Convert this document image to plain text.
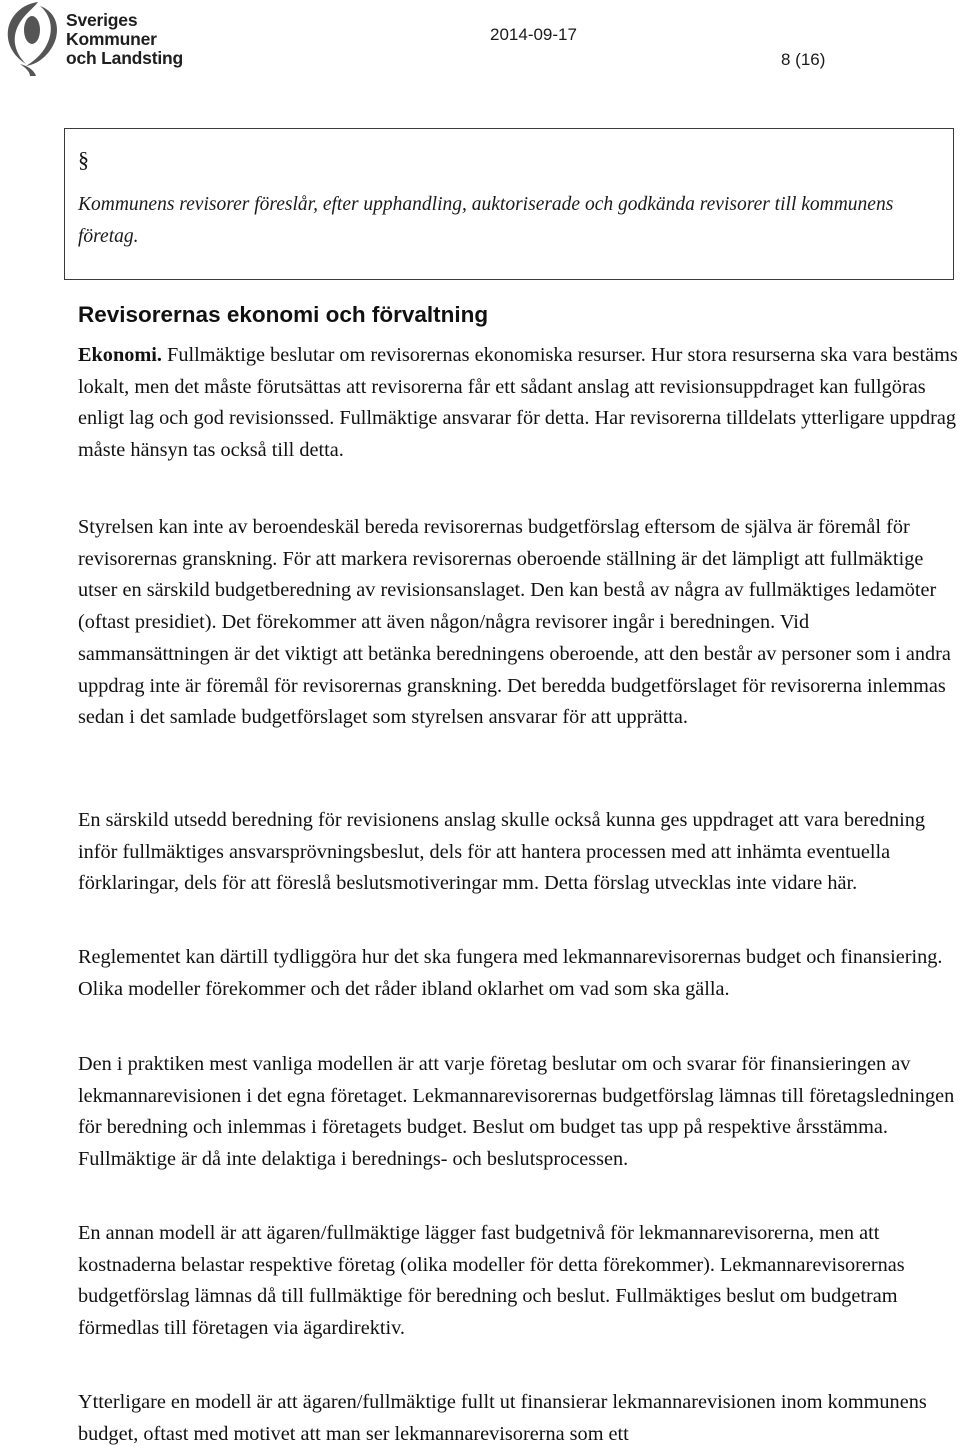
Sveriges
Kommuner
och Landsting
2014-09-17
8 (16)
§
Kommunens revisorer föreslår, efter upphandling, auktoriserade och godkända revisorer till kommunens företag.
Revisorernas ekonomi och förvaltning

Ekonomi. Fullmäktige beslutar om revisorernas ekonomiska resurser. Hur stora resurserna ska vara bestäms lokalt, men det måste förutsättas att revisorerna får ett sådant anslag att revisionsuppdraget kan fullgöras enligt lag och god revisionssed. Fullmäktige ansvarar för detta. Har revisorerna tilldelats ytterligare uppdrag måste hänsyn tas också till detta.

Styrelsen kan inte av beroendeskäl bereda revisorernas budgetförslag eftersom de själva är föremål för revisorernas granskning. För att markera revisorernas oberoende ställning är det lämpligt att fullmäktige utser en särskild budgetberedning av revisionsanslaget. Den kan bestå av några av fullmäktiges ledamöter (oftast presidiet). Det förekommer att även någon/några revisorer ingår i beredningen. Vid sammansättningen är det viktigt att betänka beredningens oberoende, att den består av personer som i andra uppdrag inte är föremål för revisorernas granskning. Det beredda budgetförslaget för revisorerna inlemmas sedan i det samlade budgetförslaget som styrelsen ansvarar för att upprätta.

En särskild utsedd beredning för revisionens anslag skulle också kunna ges uppdraget att vara beredning inför fullmäktiges ansvarsprövningsbeslut, dels för att hantera processen med att inhämta eventuella förklaringar, dels för att föreslå beslutsmotiveringar mm. Detta förslag utvecklas inte vidare här.

Reglementet kan därtill tydliggöra hur det ska fungera med lekmannarevisorernas budget och finansiering. Olika modeller förekommer och det råder ibland oklarhet om vad som ska gälla.

Den i praktiken mest vanliga modellen är att varje företag beslutar om och svarar för finansieringen av lekmannarevisionen i det egna företaget. Lekmannarevisorernas budgetförslag lämnas till företagsledningen för beredning och inlemmas i företagets budget. Beslut om budget tas upp på respektive årsstämma. Fullmäktige är då inte delaktiga i berednings- och beslutsprocessen.

En annan modell är att ägaren/fullmäktige lägger fast budgetnivå för lekmannarevisorerna, men att kostnaderna belastar respektive företag (olika modeller för detta förekommer). Lekmannarevisorernas budgetförslag lämnas då till fullmäktige för beredning och beslut. Fullmäktiges beslut om budgetram förmedlas till företagen via ägardirektiv.

Ytterligare en modell är att ägaren/fullmäktige fullt ut finansierar lekmannarevisionen inom kommunens budget, oftast med motivet att man ser lekmannarevisorerna som ett
